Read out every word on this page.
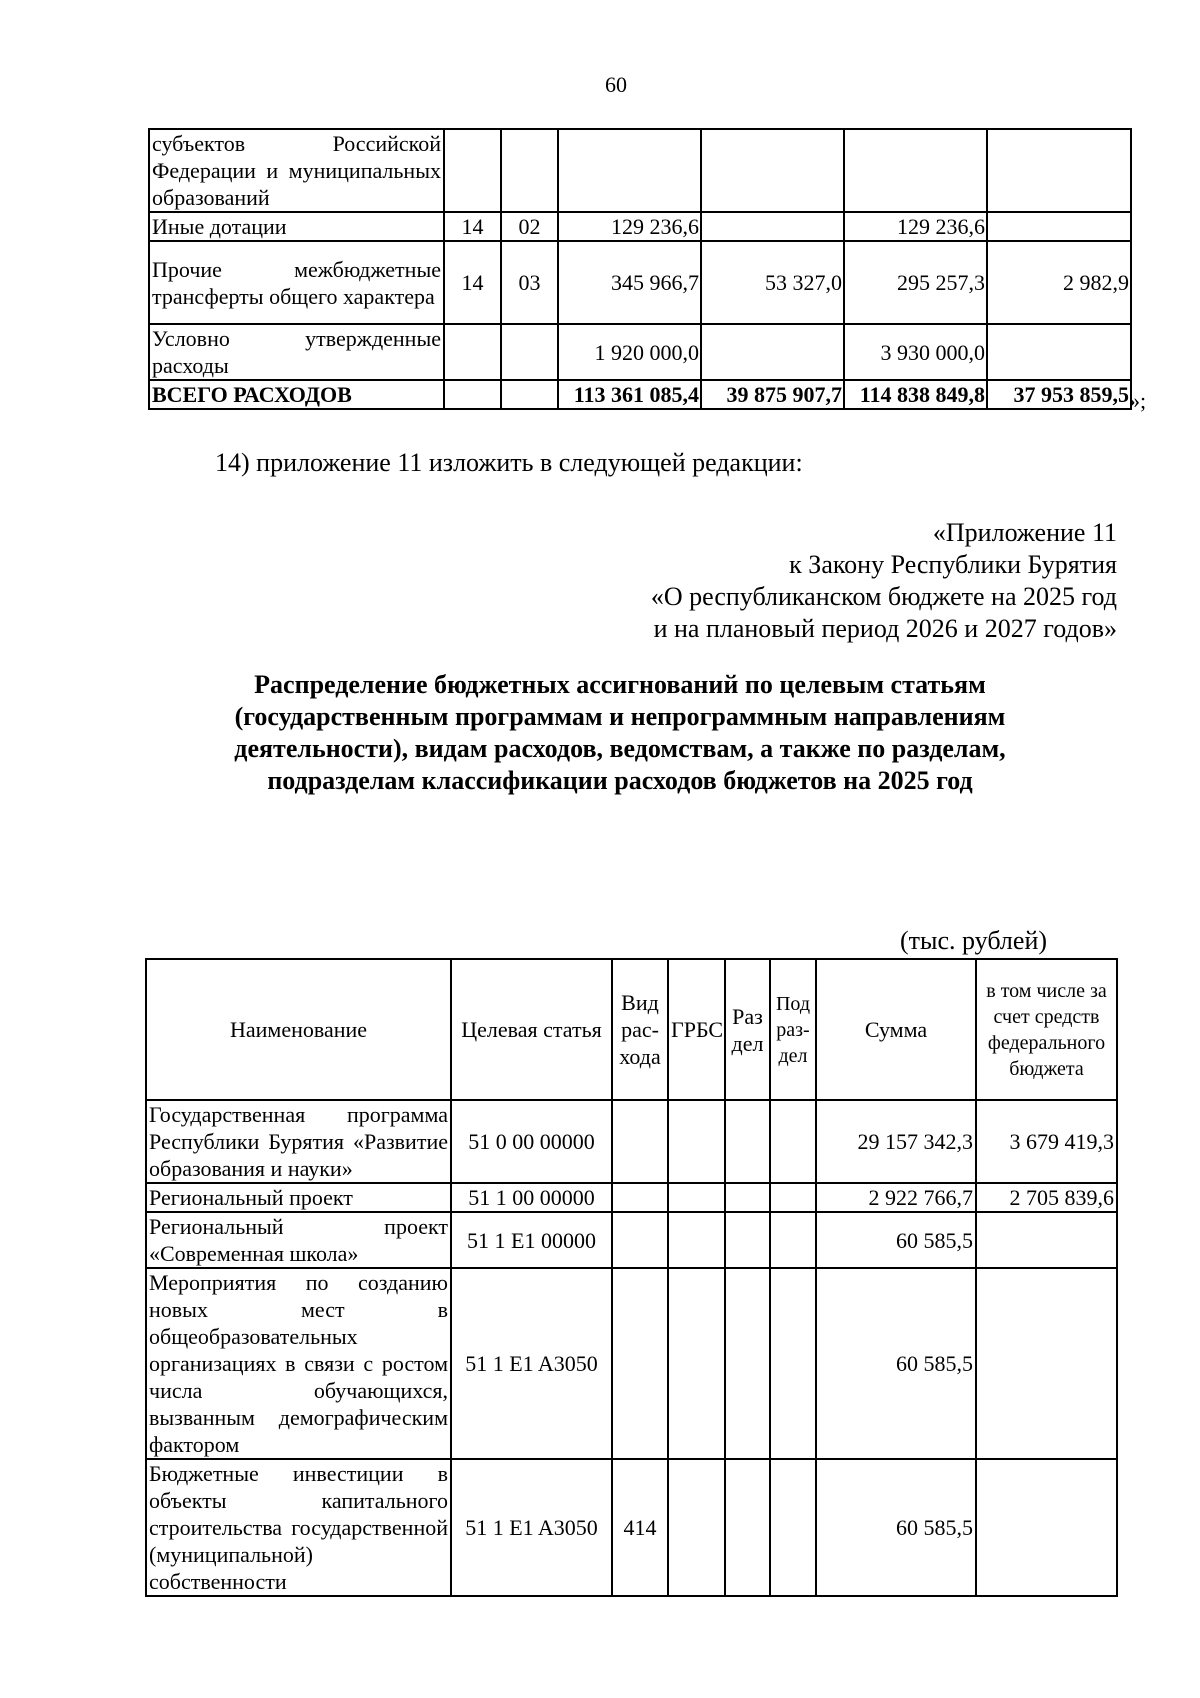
60
субъектов Российской Федерации и муниципальных образований						
Иные дотации	14	02	129 236,6		129 236,6	
Прочие межбюджетные трансферты общего характера	14	03	345 966,7	53 327,0	295 257,3	2 982,9
Условно утвержденные расходы			1 920 000,0		3 930 000,0	
ВСЕГО РАСХОДОВ			113 361 085,4	39 875 907,7	114 838 849,8	37 953 859,5 »;
14) приложение 11 изложить в следующей редакции:
«Приложение 11
к Закону Республики Бурятия
«О республиканском бюджете на 2025 год
и на плановый период 2026 и 2027 годов»
Распределение бюджетных ассигнований по целевым статьям
(государственным программам и непрограммным направлениям
деятельности), видам расходов, ведомствам, а также по разделам,
подразделам классификации расходов бюджетов на 2025 год
(тыс. рублей)
Наименование	Целевая статья	Вид рас-хода	ГРБС	Раз дел	Под раз-дел	Сумма	в том числе за счет средств федерального бюджета
Государственная программа Республики Бурятия «Развитие образования и науки»	51 0 00 00000					29 157 342,3	3 679 419,3
Региональный проект	51 1 00 00000					2 922 766,7	2 705 839,6
Региональный проект «Современная школа»	51 1 E1 00000					60 585,5	
Мероприятия по созданию новых мест в общеобразовательных организациях в связи с ростом числа обучающихся, вызванным демографическим фактором	51 1 E1 A3050					60 585,5	
Бюджетные инвестиции в объекты капитального строительства государственной (муниципальной) собственности	51 1 E1 A3050	414				60 585,5	
